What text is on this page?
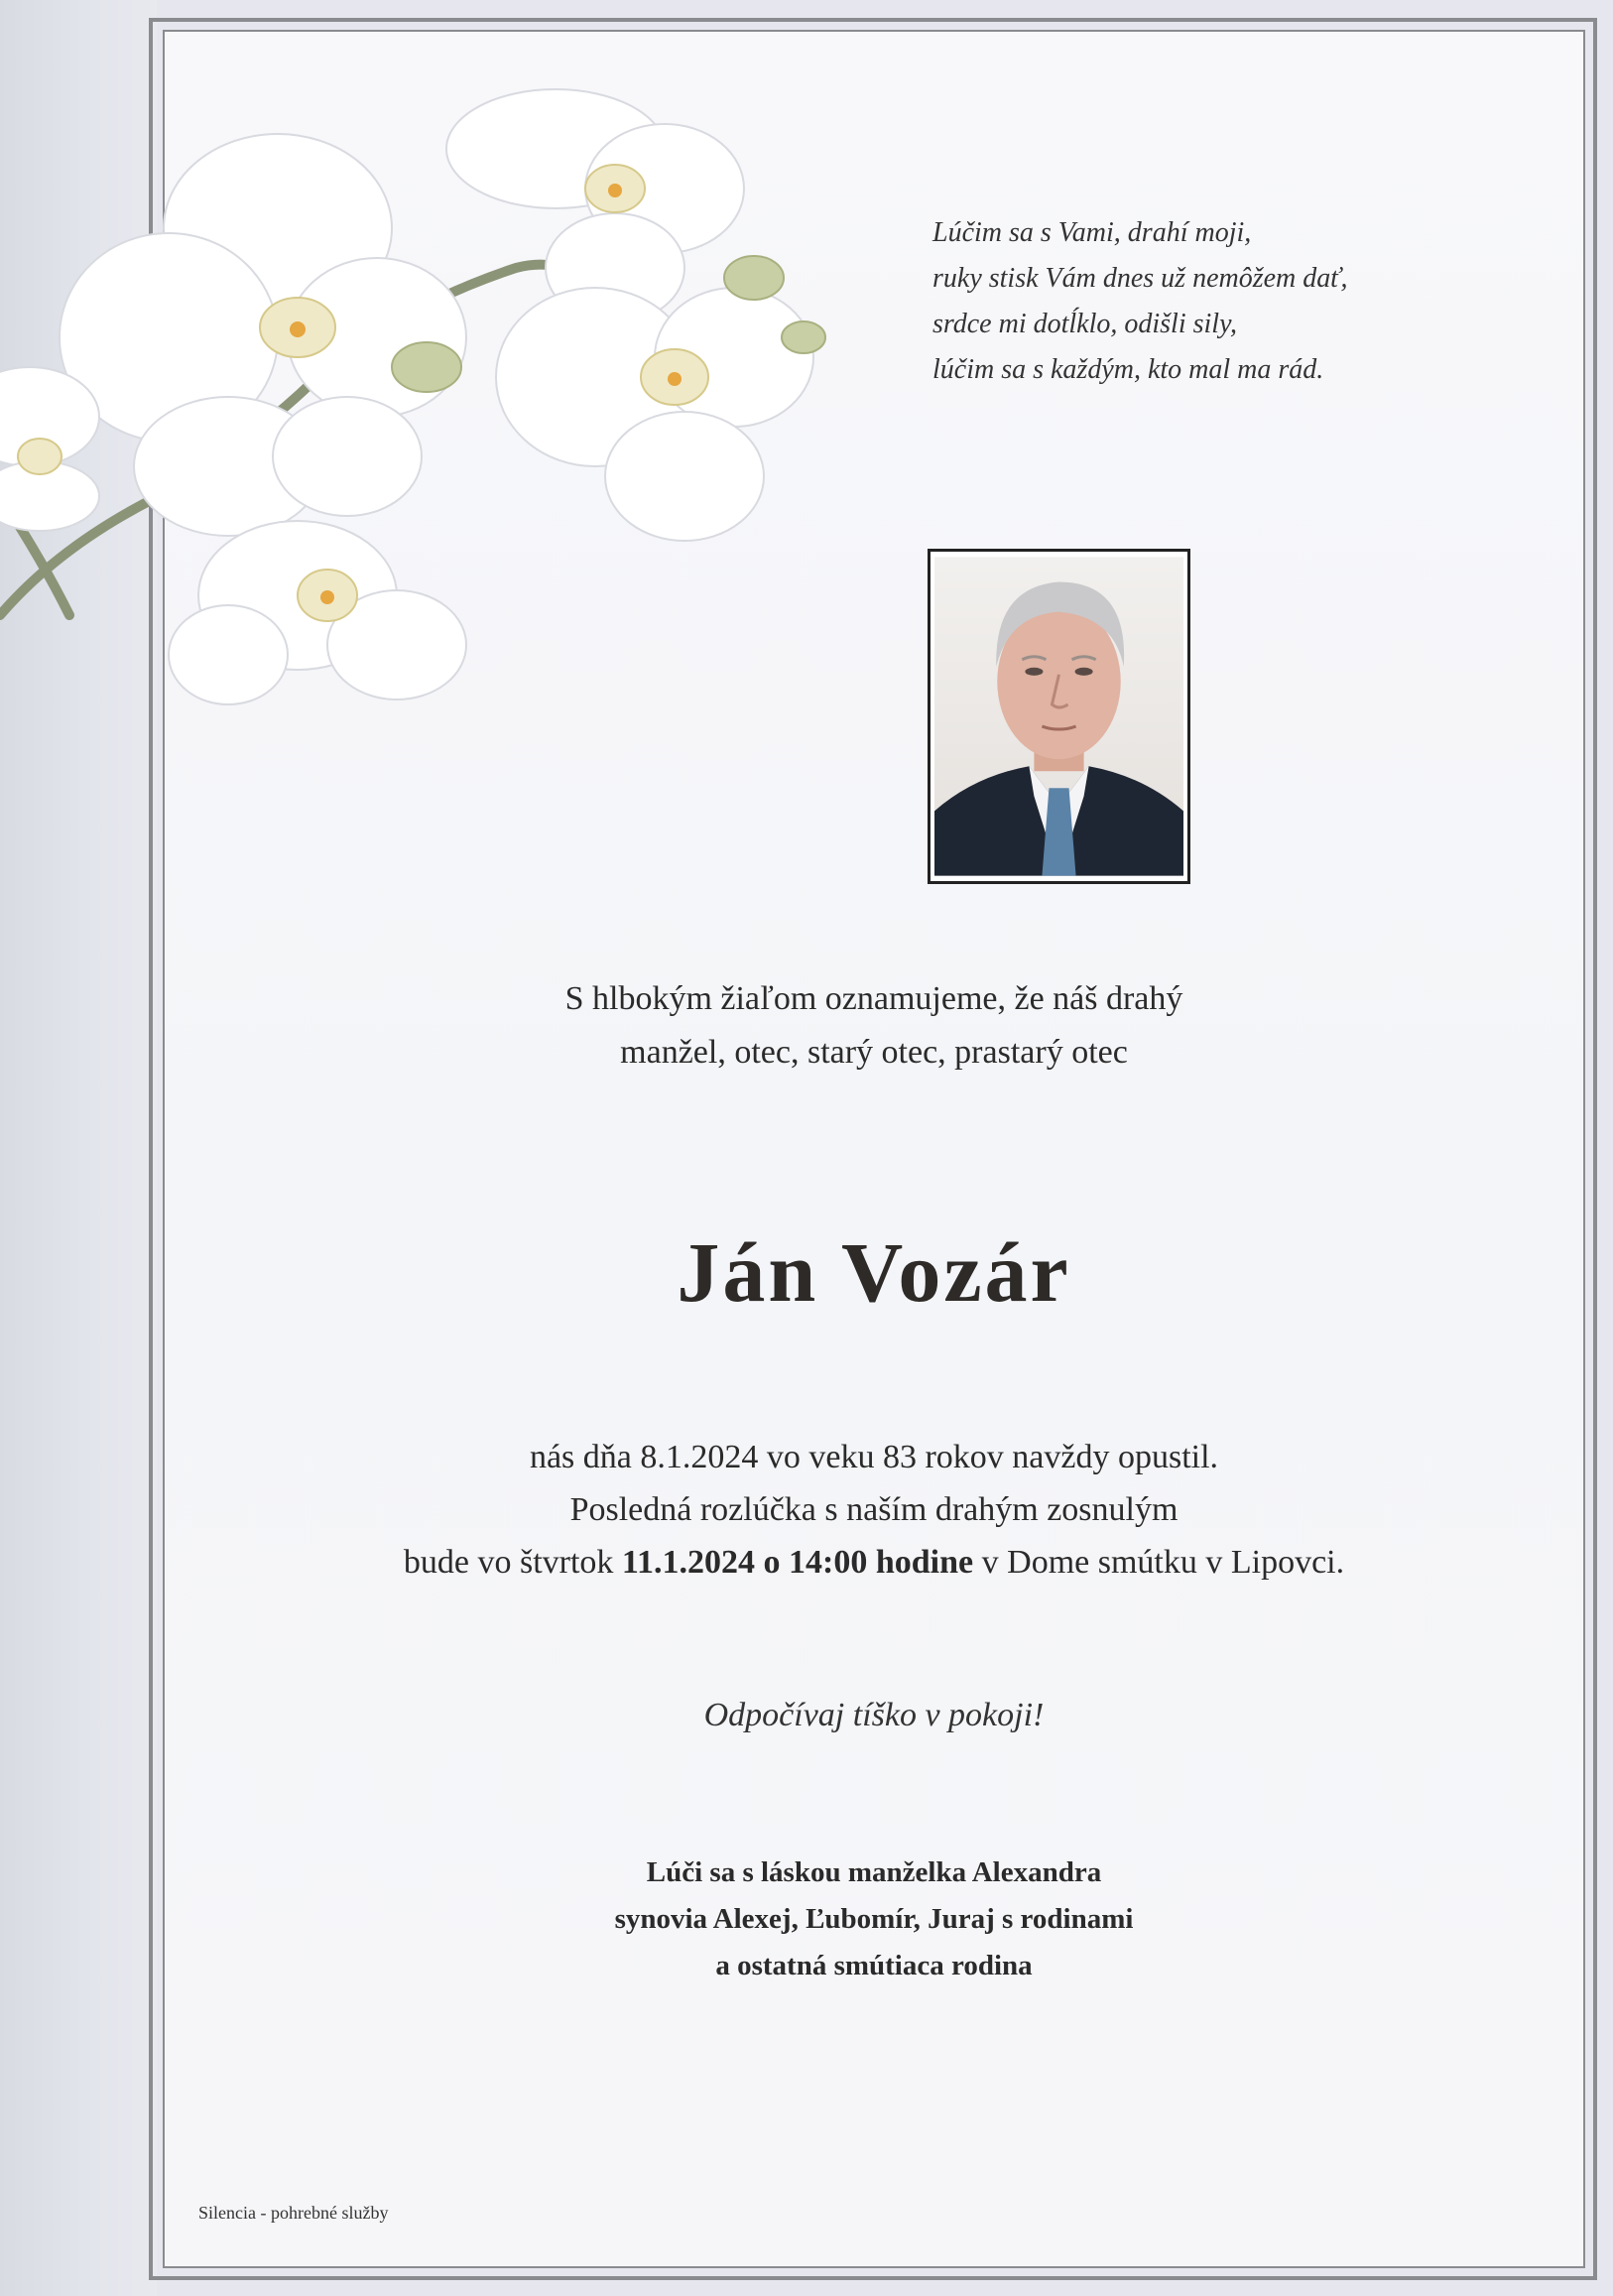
Lúčim sa s Vami, drahí moji,
ruky stisk Vám dnes už nemôžem dať,
srdce mi dotĺklo, odišli sily,
lúčim sa s každým, kto mal ma rád.
S hlbokým žiaľom oznamujeme, že náš drahý
manžel, otec, starý otec, prastarý otec
Ján Vozár
nás dňa 8.1.2024 vo veku 83 rokov navždy opustil.
Posledná rozlúčka s naším drahým zosnulým
bude vo štvrtok 11.1.2024 o 14:00 hodine v Dome smútku v Lipovci.
Odpočívaj tíško v pokoji!
Lúči sa s láskou manželka Alexandra
synovia Alexej, Ľubomír, Juraj s rodinami
a ostatná smútiaca rodina
Silencia - pohrebné služby
